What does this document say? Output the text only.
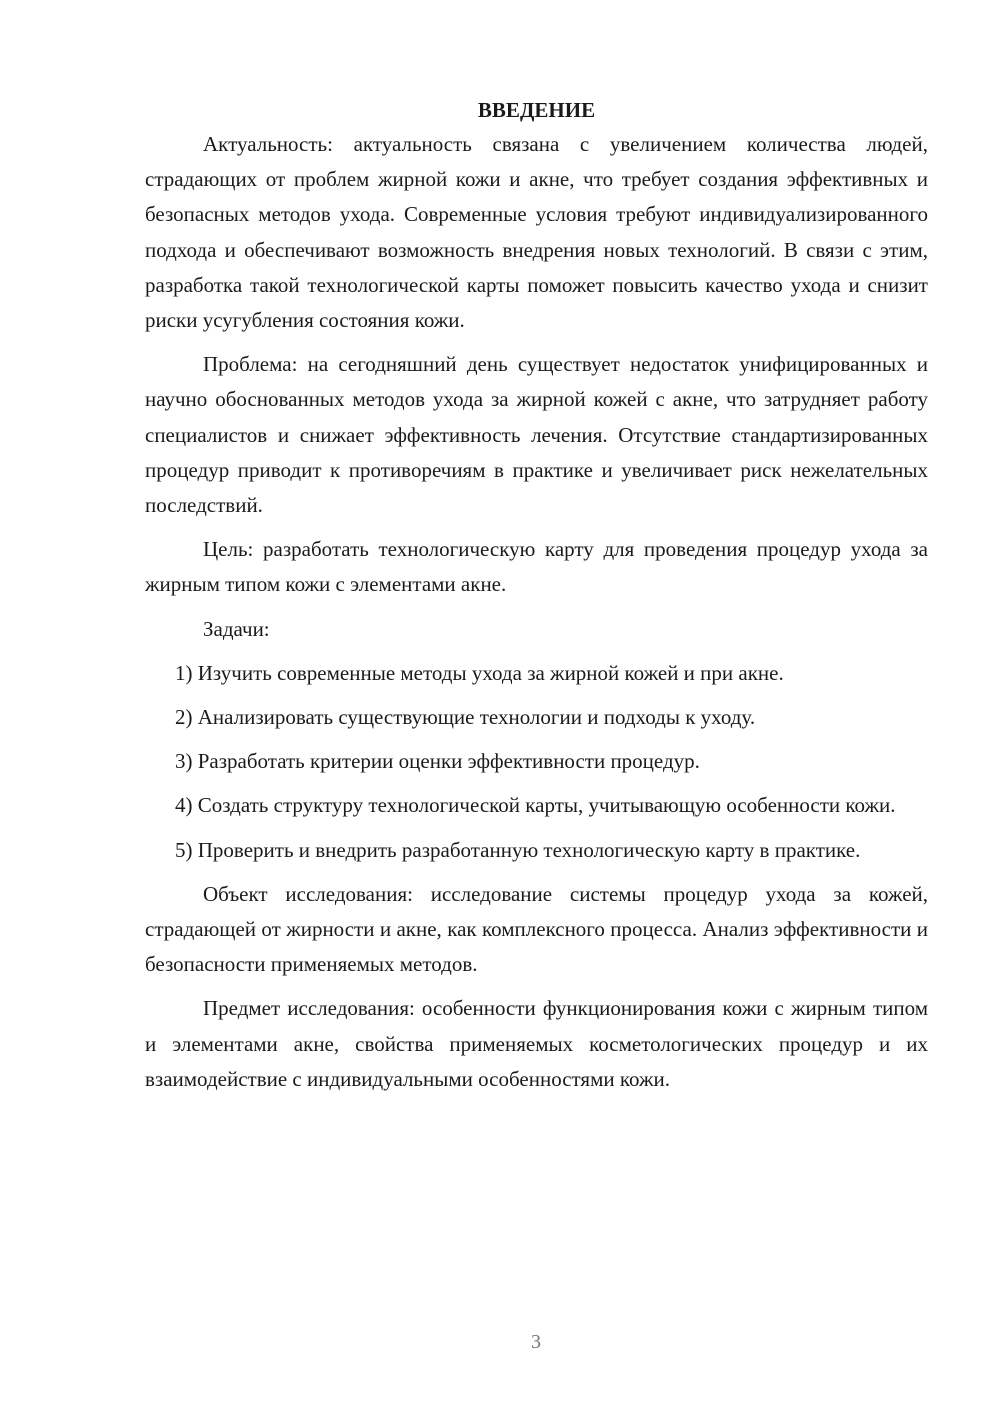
ВВЕДЕНИЕ

Актуальность: актуальность связана с увеличением количества людей, страдающих от проблем жирной кожи и акне, что требует создания эффективных и безопасных методов ухода. Современные условия требуют индивидуализированного подхода и обеспечивают возможность внедрения новых технологий. В связи с этим, разработка такой технологической карты поможет повысить качество ухода и снизит риски усугубления состояния кожи.

Проблема: на сегодняшний день существует недостаток унифицированных и научно обоснованных методов ухода за жирной кожей с акне, что затрудняет работу специалистов и снижает эффективность лечения. Отсутствие стандартизированных процедур приводит к противоречиям в практике и увеличивает риск нежелательных последствий.

Цель: разработать технологическую карту для проведения процедур ухода за жирным типом кожи с элементами акне.

Задачи:

1) Изучить современные методы ухода за жирной кожей и при акне.

2) Анализировать существующие технологии и подходы к уходу.

3) Разработать критерии оценки эффективности процедур.

4) Создать структуру технологической карты, учитывающую особенности кожи.

5) Проверить и внедрить разработанную технологическую карту в практике.

Объект исследования: исследование системы процедур ухода за кожей, страдающей от жирности и акне, как комплексного процесса. Анализ эффективности и безопасности применяемых методов.

Предмет исследования: особенности функционирования кожи с жирным типом и элементами акне, свойства применяемых косметологических процедур и их взаимодействие с индивидуальными особенностями кожи.

3
